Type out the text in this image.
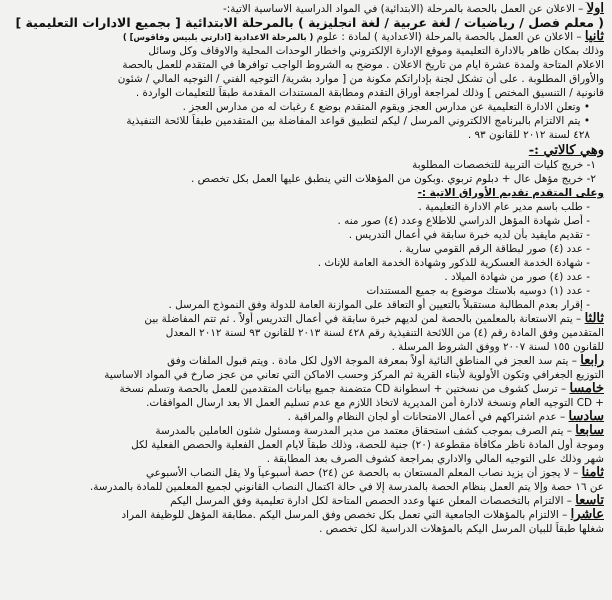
أولاً – الاعلان عن العمل بالحصة بالمرحلة (الابتدائية) في المواد الدراسية الاساسية الاتية:-
( معلم فصل / رياضيات / لغة عربية / لغة انجليزية ) بالمرحلة الابتدائية [ بجميع الادارات التعليمية ]
ثانياً – الاعلان عن العمل بالحصة بالمرحلة (الاعدادية ) لمادة : علوم ( بالمرحلة الاعدادية [ادارتي بلبيس وفاقوس] )
وذلك بمكان ظاهر بالادارة التعليمية وموقع الإدارة الإلكتروني واخطار الوحدات المحلية والاوقاف وكل وسائل
الاعلام المتاحة ولمدة عشرة ايام من تاريخ الاعلان . موضح به الشروط الواجب توافرها في المتقدم للعمل بالحصة
والأوراق المطلوبة . على أن تشكل لجنة بإداراتكم مكونة من [ موارد بشرية/ التوجيه الفني / التوجيه المالي / شئون
قانونية / التنسيق المختص ] وذلك لمراجعة أوراق التقدم ومطابقة المستندات المقدمة طبقاً للتعليمات الواردة .
• وتعلن الادارة التعليمية عن مدارس العجز ويقوم المتقدم بوضع ٤ رغبات له من مدارس العجز .
• يتم الالتزام بالبرنامج الالكتروني المرسل / ليكم لتطبيق قواعد المفاضلة بين المتقدمين طبقاً للائحة التنفيذية
٤٢٨ لسنة ٢٠١٢ للقانون ٩٣ .
وهي كالاتي :-
١- خريج كليات التربية للتخصصات المطلوبة
٢- خريج مؤهل عال + دبلوم تربوي .وبكون من المؤهلات التي ينطبق عليها العمل بكل تخصص .
وعلى المتقدم تقديم الأوراق الاتية :-
- طلب باسم مدير عام الادارة التعليمية .
- أصل شهادة المؤهل الدراسي للاطلاع وعدد (٤) صور منه .
- تقديم مايفيد بأن لديه خبرة سابقة في أعمال التدريس .
- عدد (٤) صور لبطاقة الرقم القومي سارية .
- شهادة الخدمة العسكرية للذكور وشهادة الخدمة العامة للإناث .
- عدد (٤) صور من شهادة الميلاد .
- عدد (١) دوسيه بلاستك موضوع به جميع المستندات
- إقرار بعدم المطالبة مستقبلاً بالتعيين أو التعاقد على الموازنة العامة للدولة وفق النموذج المرسل .
ثالثاً – يتم الاستعانة بالمعلمين بالحصة لمن لديهم خبرة سابقة في أعمال التدريس أولاً . ثم تتم المفاضلة بين
المتقدمين وفق المادة رقم (٤) من اللائحة التنفيذية رقم ٤٢٨ لسنة ٢٠١٣ للقانون ٩٣ لسنة ٢٠١٢ المعدل
للقانون ١٥٥ لسنة ٢٠٠٧ ووفق الشروط المرسلة .
رابعاً – يتم سد العجز في المناطق النائية أولاً بمعرفة الموجة الاول لكل مادة . ويتم قبول الملفات وفق
التوزيع الجغرافي وتكون الأولوية لأبناء القرية ثم المركز وحسب الاماكن التي تعاني من عجز صارخ في المواد الاساسية
خامساً – ترسل كشوف من نسختين + اسطوانة CD متضمنة جميع بيانات المتقدمين للعمل بالحصة وتسلم نسخة
+ CD التوجيه العام ونسخة لادارة أمن المديرية لاتخاذ اللازم مع عدم تسليم العمل الا بعد ارسال الموافقات.
سادساً – عدم اشتراكهم في أعمال الامتحانات أو لجان النظام والمراقبة .
سابعاً – يتم الصرف بموجب كشف استحقاق معتمد من مدير المدرسة ومسئول شئون العاملين بالمدرسة
وموجة أول المادة ناظر مكافأة مقطوعة (٢٠) جنية للحصة، وذلك طبقاً لايام العمل الفعلية والحصص الفعلية لكل
شهر وذلك على التوجيه المالي والاداري بمراجعة كشوف الصرف بعد المطابقة .
ثامناً – لا يجوز أن يزيد نصاب المعلم المستعان به بالحصة عن (٢٤) حصة أسبوعياً ولا يقل النصاب الأسبوعي
عن ١٦ حصة وإلا يتم العمل بنظام الحصة بالمدرسة إلا في حالة اكتمال النصاب القانوني لجميع المعلمين للمادة بالمدرسة.
تاسعاً – الالتزام بالتخصصات المعلن عنها وعدد الحصص المتاحة لكل ادارة تعليمية وفق المرسل اليكم
عاشراً – الالتزام بالمؤهلات الجامعية التي تعمل بكل تخصص وفق المرسل اليكم .مطابقة المؤهل للوظيفة المراد
شغلها طبقاً للبيان المرسل اليكم بالمؤهلات الدراسية لكل تخصص .
